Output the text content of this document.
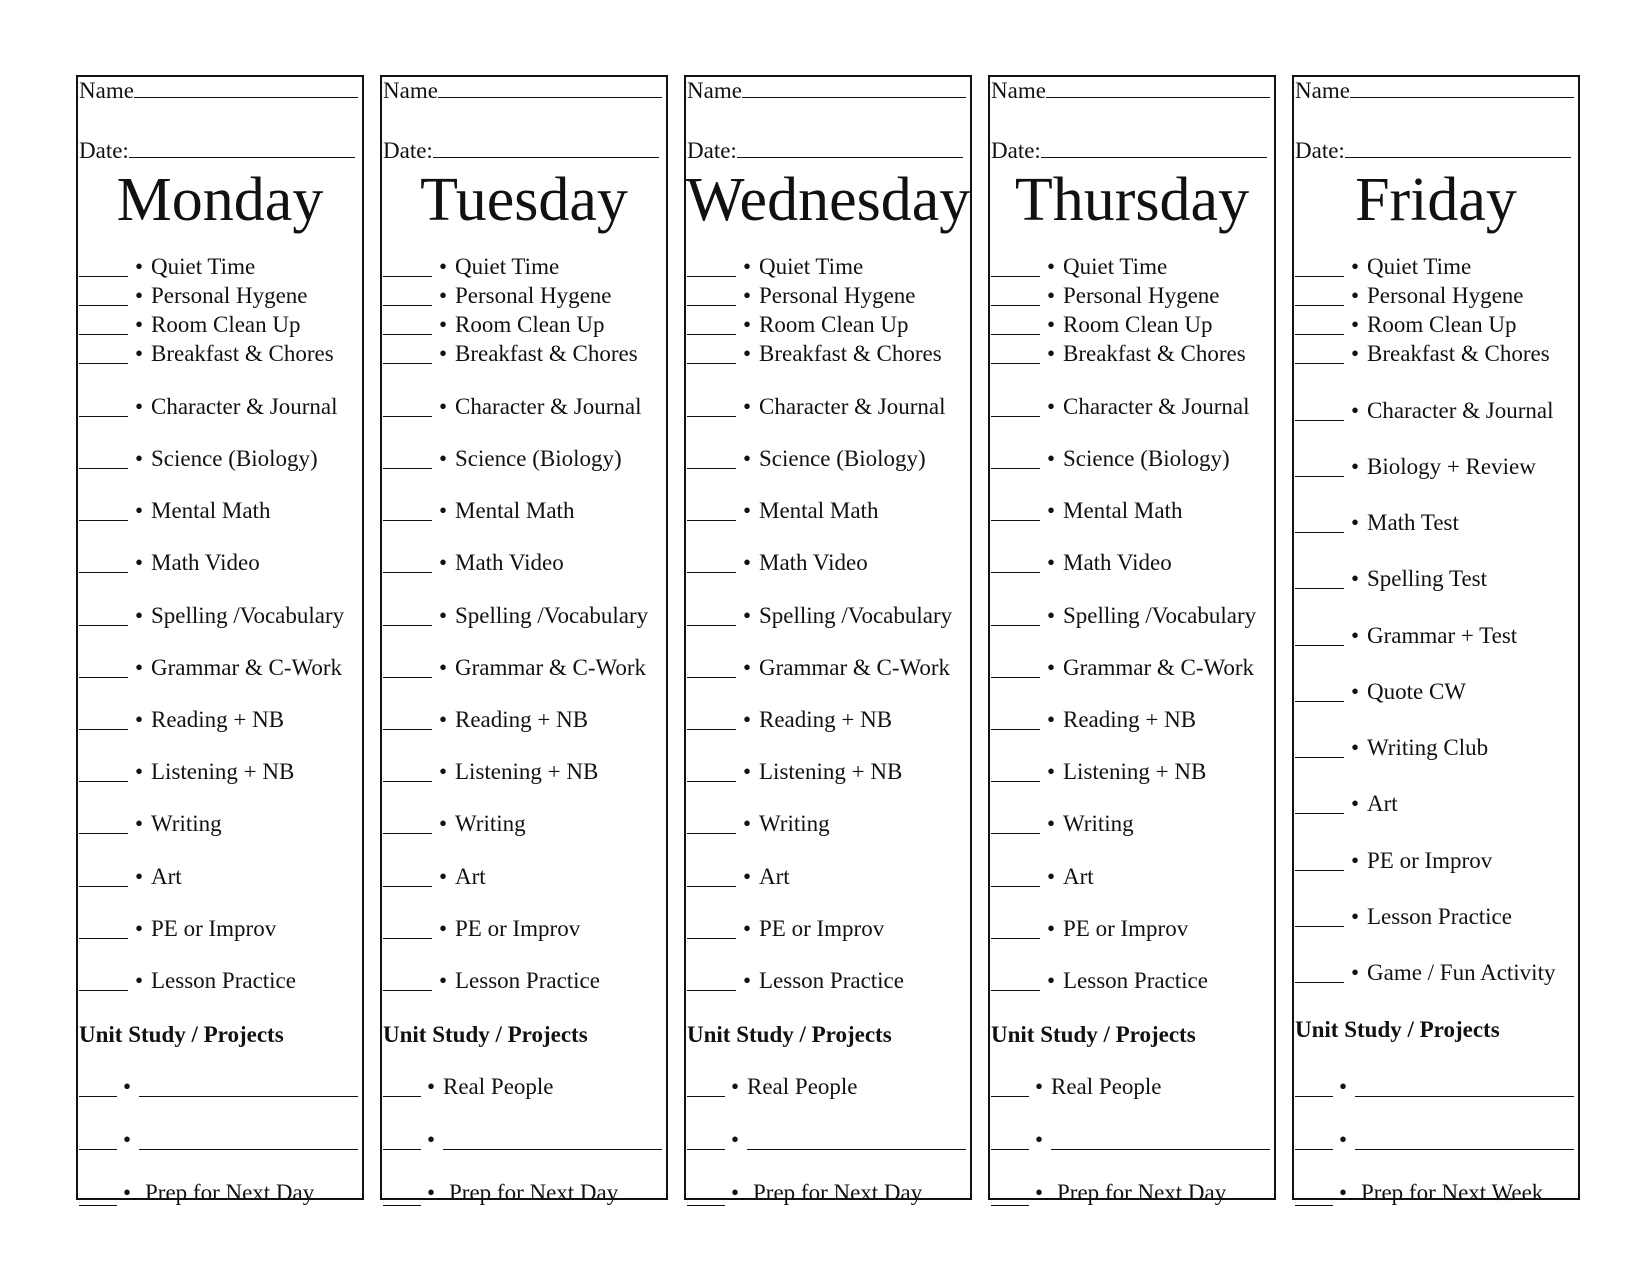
Name
Date:
Monday
• Quiet Time
• Personal Hygene
• Room Clean Up
• Breakfast & Chores
• Character & Journal
• Science (Biology)
• Mental Math
• Math Video
• Spelling /Vocabulary
• Grammar & C-Work
• Reading + NB
• Listening + NB
• Writing
• Art
• PE or Improv
• Lesson Practice
Unit Study / Projects
•
•
• Prep for Next Day
Name
Date:
Tuesday
• Quiet Time
• Personal Hygene
• Room Clean Up
• Breakfast & Chores
• Character & Journal
• Science (Biology)
• Mental Math
• Math Video
• Spelling /Vocabulary
• Grammar & C-Work
• Reading + NB
• Listening + NB
• Writing
• Art
• PE or Improv
• Lesson Practice
Unit Study / Projects
• Real People
•
• Prep for Next Day
Name
Date:
Wednesday
• Quiet Time
• Personal Hygene
• Room Clean Up
• Breakfast & Chores
• Character & Journal
• Science (Biology)
• Mental Math
• Math Video
• Spelling /Vocabulary
• Grammar & C-Work
• Reading + NB
• Listening + NB
• Writing
• Art
• PE or Improv
• Lesson Practice
Unit Study / Projects
• Real People
•
• Prep for Next Day
Name
Date:
Thursday
• Quiet Time
• Personal Hygene
• Room Clean Up
• Breakfast & Chores
• Character & Journal
• Science (Biology)
• Mental Math
• Math Video
• Spelling /Vocabulary
• Grammar & C-Work
• Reading + NB
• Listening + NB
• Writing
• Art
• PE or Improv
• Lesson Practice
Unit Study / Projects
• Real People
•
• Prep for Next Day
Name
Date:
Friday
• Quiet Time
• Personal Hygene
• Room Clean Up
• Breakfast & Chores
• Character & Journal
• Biology + Review
• Math Test
• Spelling Test
• Grammar + Test
• Quote CW
• Writing Club
• Art
• PE or Improv
• Lesson Practice
• Game / Fun Activity
Unit Study / Projects
•
•
• Prep for Next Week
